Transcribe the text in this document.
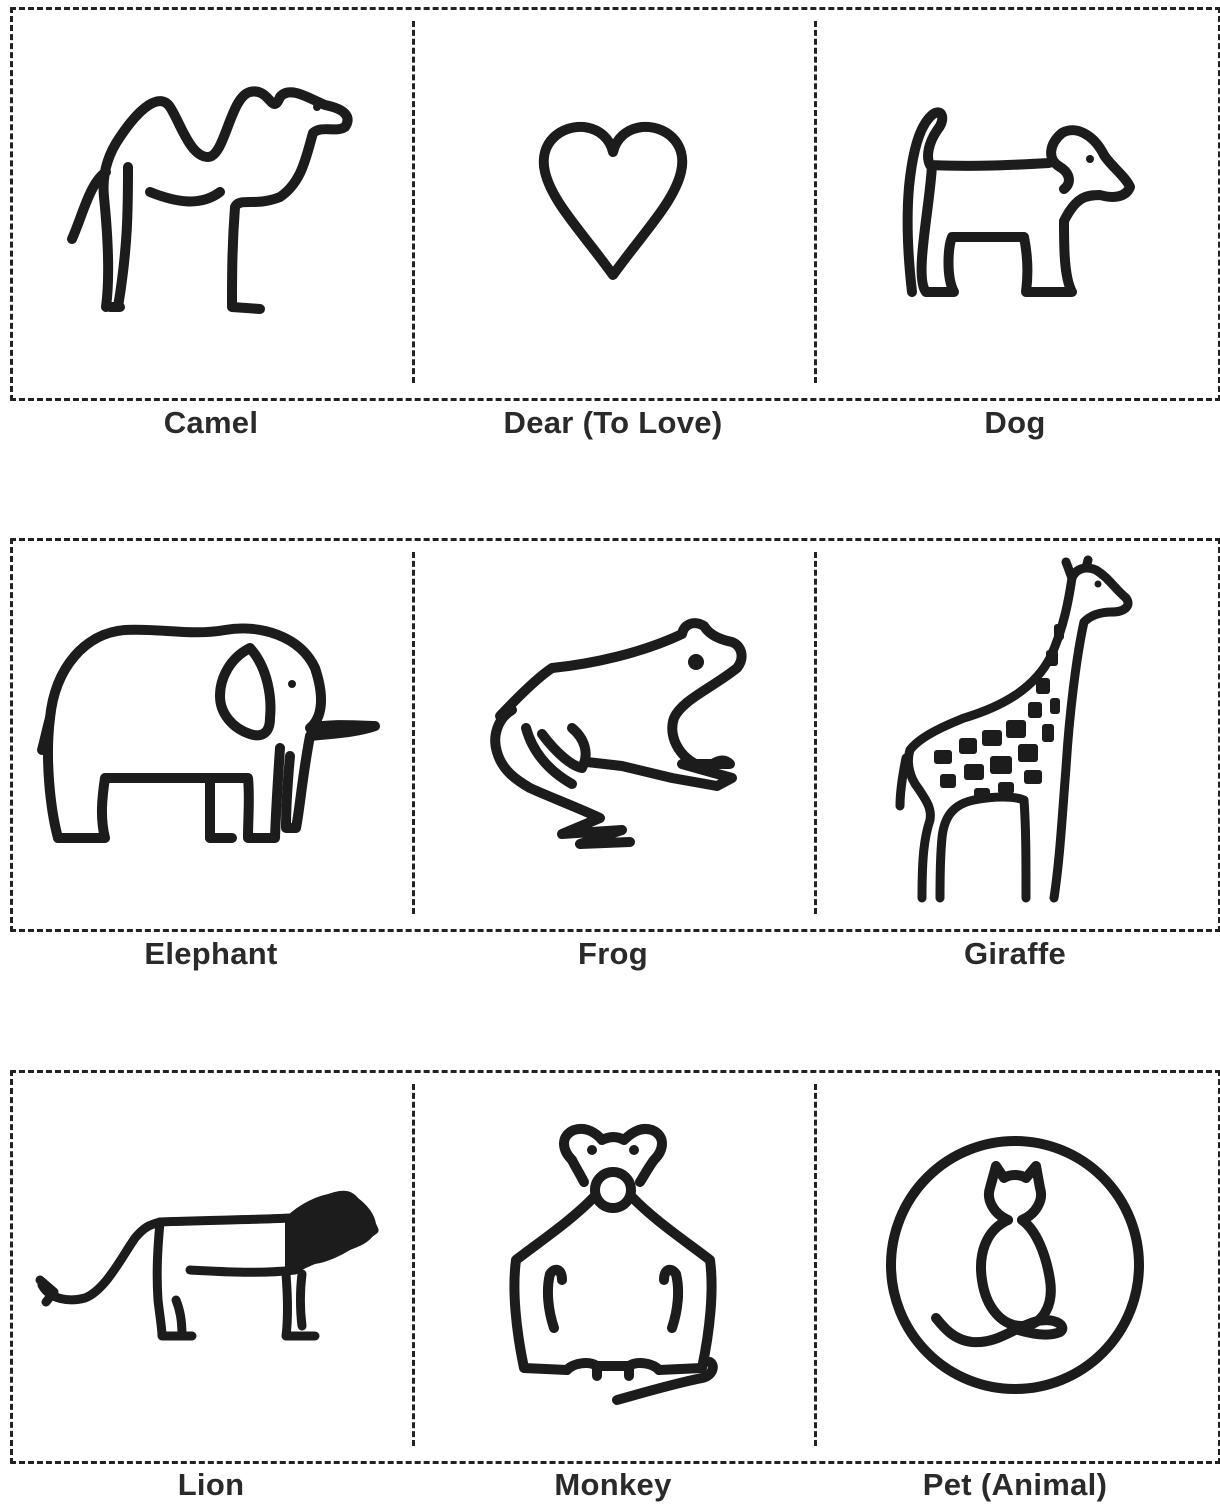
Camel	Dear (To Love)	Dog
Elephant	Frog	Giraffe
Lion	Monkey	Pet (Animal)
